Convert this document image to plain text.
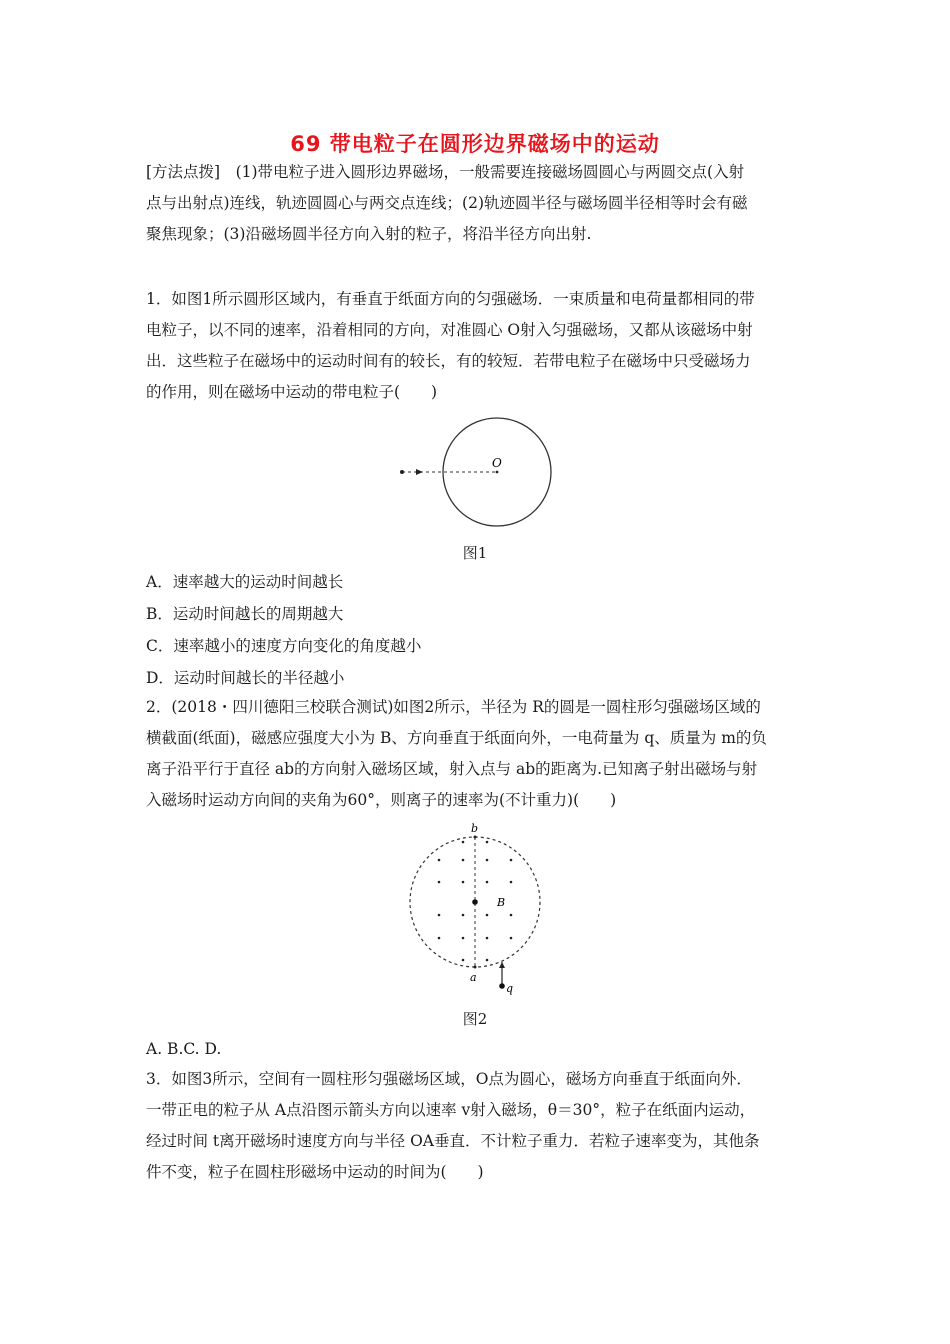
69 带电粒子在圆形边界磁场中的运动
[方法点拨]　(1)带电粒子进入圆形边界磁场，一般需要连接磁场圆圆心与两圆交点(入射
点与出射点)连线，轨迹圆圆心与两交点连线；(2)轨迹圆半径与磁场圆半径相等时会有磁
聚焦现象；(3)沿磁场圆半径方向入射的粒子，将沿半径方向出射.
1．如图1所示圆形区域内，有垂直于纸面方向的匀强磁场．一束质量和电荷量都相同的带
电粒子，以不同的速率，沿着相同的方向，对准圆心 O射入匀强磁场，又都从该磁场中射
出．这些粒子在磁场中的运动时间有的较长，有的较短．若带电粒子在磁场中只受磁场力
的作用，则在磁场中运动的带电粒子(　　)
O
图1
A．速率越大的运动时间越长
B．运动时间越长的周期越大
C．速率越小的速度方向变化的角度越小
D．运动时间越长的半径越小
2．(2018・四川德阳三校联合测试)如图2所示，半径为 R的圆是一圆柱形匀强磁场区域的
横截面(纸面)，磁感应强度大小为 B、方向垂直于纸面向外，一电荷量为 q、质量为 m的负
离子沿平行于直径 ab的方向射入磁场区域，射入点与 ab的距离为.已知离子射出磁场与射
入磁场时运动方向间的夹角为60°，则离子的速率为(不计重力)(　　)
b
a
B
q
图2
A. B.C. D.
3．如图3所示，空间有一圆柱形匀强磁场区域，O点为圆心，磁场方向垂直于纸面向外．
一带正电的粒子从 A点沿图示箭头方向以速率 v射入磁场，θ＝30°，粒子在纸面内运动，
经过时间 t离开磁场时速度方向与半径 OA垂直．不计粒子重力．若粒子速率变为，其他条
件不变，粒子在圆柱形磁场中运动的时间为(　　)
